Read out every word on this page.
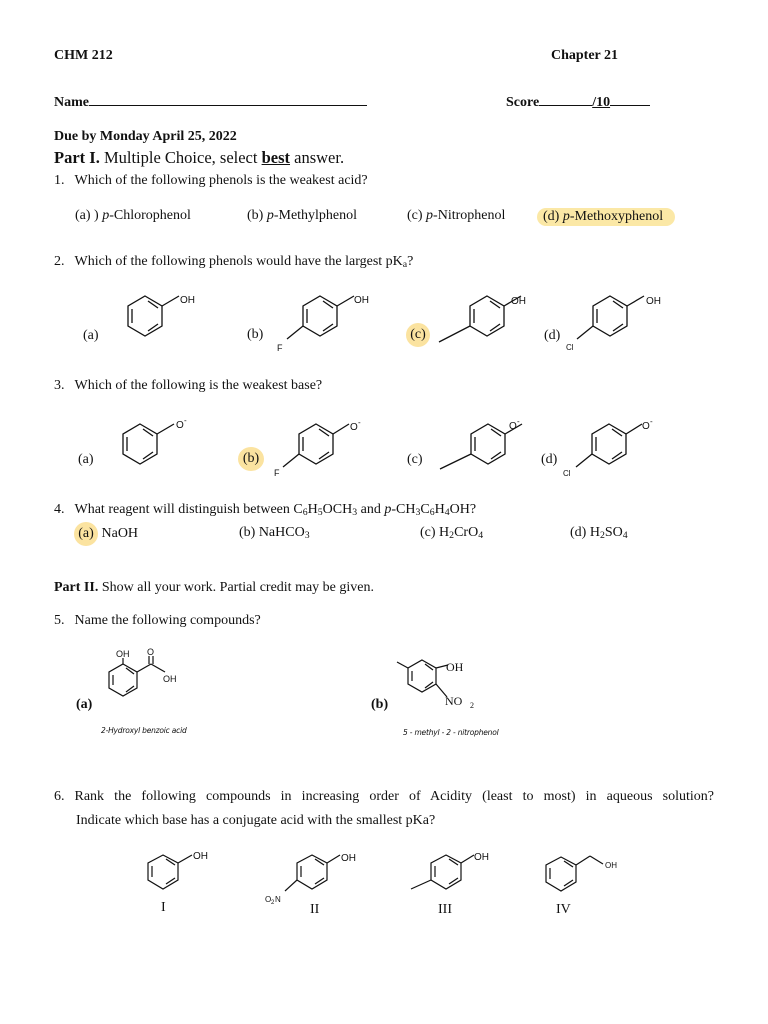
CHM 212	Chapter 21
Name	Score	/10
Due by Monday April 25, 2022
Part I. Multiple Choice, select best answer.
1. Which of the following phenols is the weakest acid?
(a) ) p-Chlorophenol	(b) p-Methylphenol	(c) p-Nitrophenol	(d) p-Methoxyphenol
2. Which of the following phenols would have the largest $pK_a$?
(a)	(b)	(c)	(d)
OH	OH
F
OH	OH
Cl
3. Which of the following is the weakest base?
(a)	(b)	(c)	(d)
O -
O -
F
O -	O -
Cl
4. What reagent will distinguish between $C_6H_5OCH_3$ and $p-CH_3C_6H_4OH$?
(a) NaOH	(b) NaHCO$_3$	(c) $H_2CrO_4$	(d) $H_2SO_4$
Part II. Show all your work. Partial credit may be given.
5. Name the following compounds?
(a)	(b)
OH O
OH
2-Hydroxyl benzoic acid
OH
NO 2
5 - methyl - 2 - nitrophenol
6. Rank the following compounds in increasing order of Acidity (least to most) in aqueous solution?
Indicate which base has a conjugate acid with the smallest pKa?
OH
I
OH
O 2 N
II
OH
III
OH
IV
